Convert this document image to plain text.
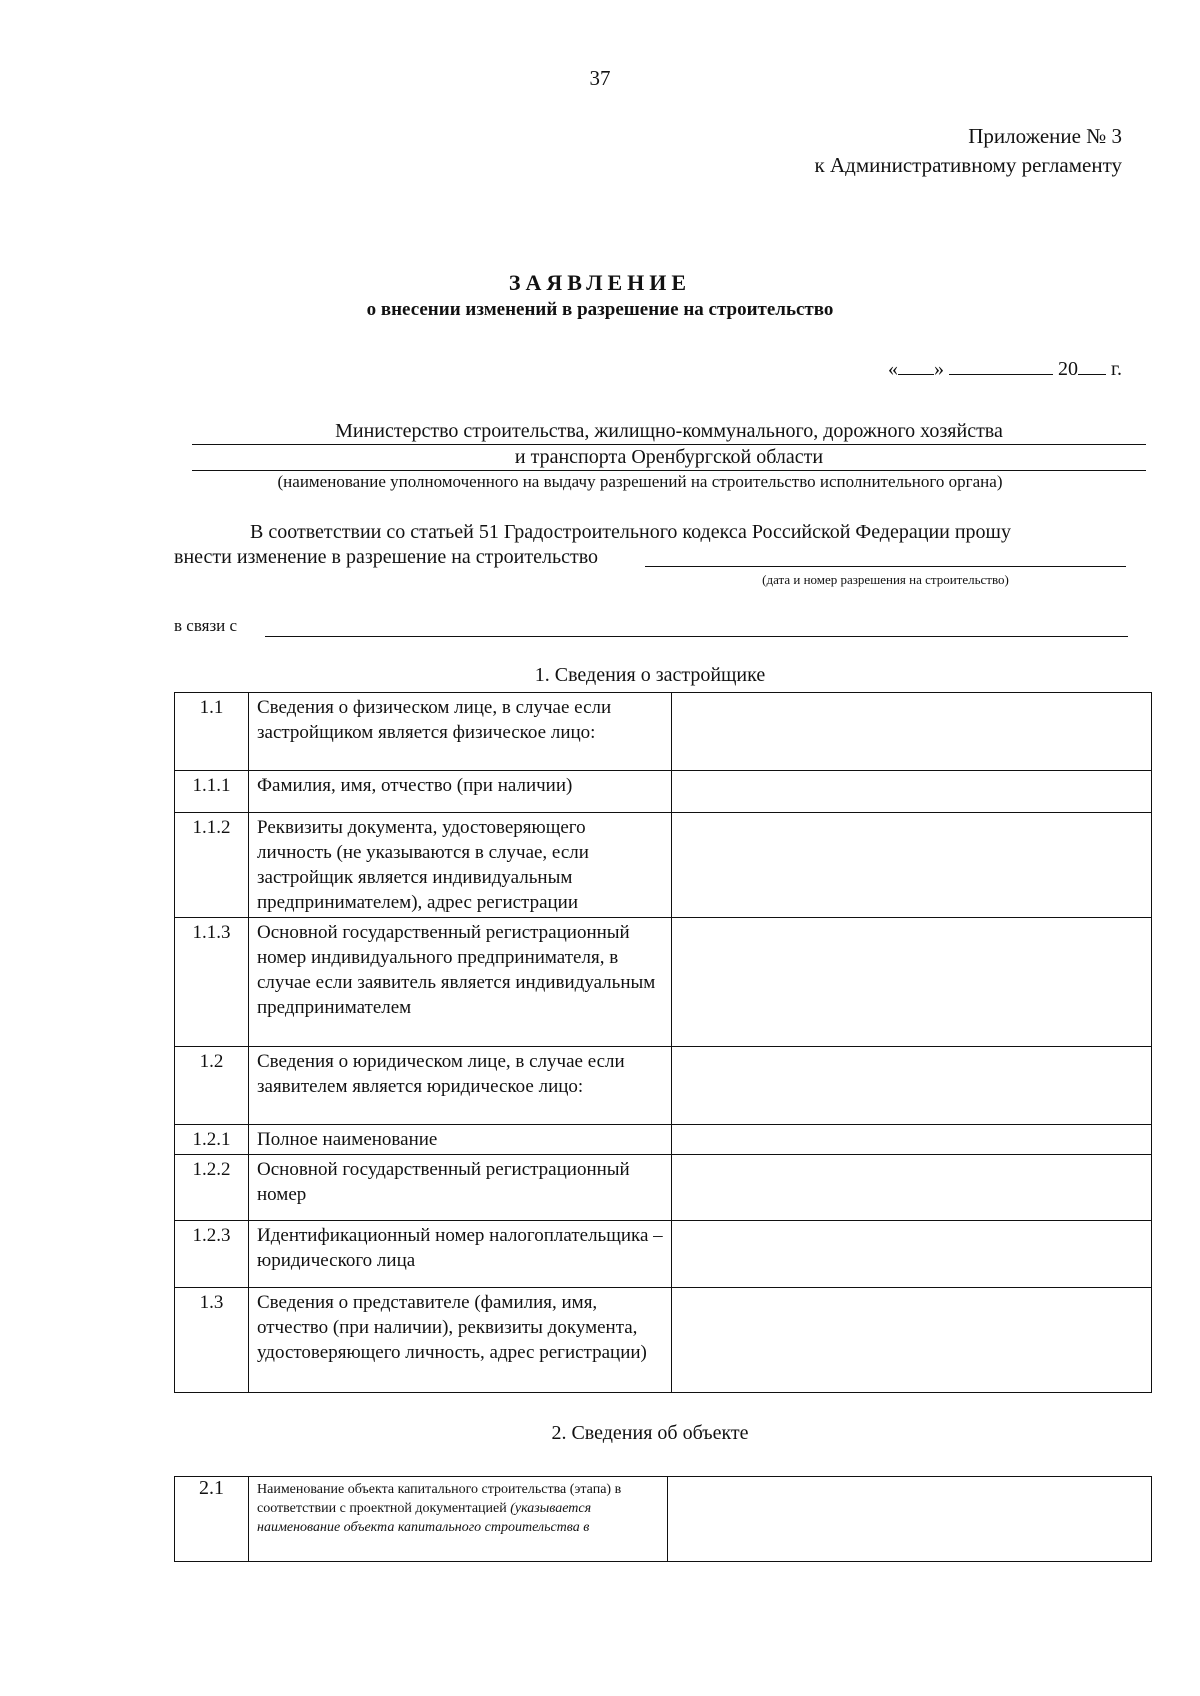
37
Приложение № 3
к Административному регламенту
ЗАЯВЛЕНИЕ
о внесении изменений в разрешение на строительство
« »	20 г.
Министерство строительства, жилищно-коммунального, дорожного хозяйства
и транспорта Оренбургской области
(наименование уполномоченного на выдачу разрешений на строительство исполнительного органа)
В соответствии со статьей 51 Градостроительного кодекса Российской Федерации прошу
внести изменение в разрешение на строительство
(дата и номер разрешения на строительство)
в связи с
1. Сведения о застройщике
1.1	Сведения о физическом лице, в случае если застройщиком является физическое лицо:	
1.1.1	Фамилия, имя, отчество (при наличии)	
1.1.2	Реквизиты документа, удостоверяющего личность (не указываются в случае, если застройщик является индивидуальным предпринимателем), адрес регистрации	
1.1.3	Основной государственный регистрационный номер индивидуального предпринимателя, в случае если заявитель является индивидуальным предпринимателем	
1.2	Сведения о юридическом лице, в случае если заявителем является юридическое лицо:	
1.2.1	Полное наименование	
1.2.2	Основной государственный регистрационный номер	
1.2.3	Идентификационный номер налогоплательщика – юридического лица	
1.3	Сведения о представителе (фамилия, имя, отчество (при наличии), реквизиты документа, удостоверяющего личность, адрес регистрации)	
2. Сведения об объекте
2.1	Наименование объекта капитального строительства (этапа) в соответствии с проектной документацией (указывается наименование объекта капитального строительства в	
